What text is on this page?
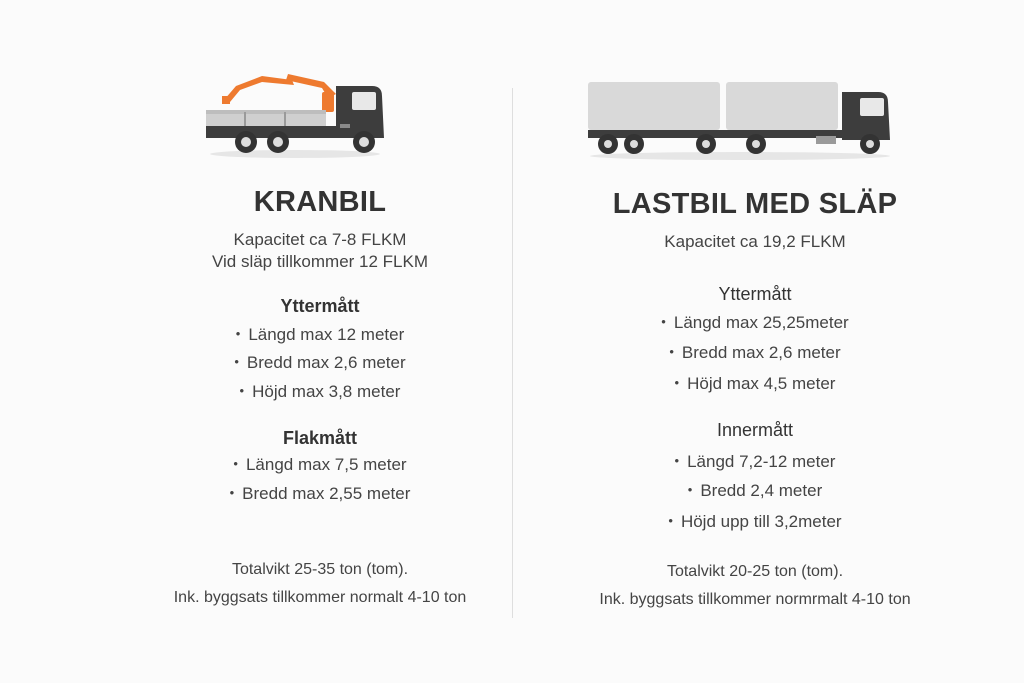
KRANBIL
Kapacitet ca 7-8 FLKM
Vid släp tillkommer 12 FLKM
Yttermått
• Längd max 12 meter
• Bredd max 2,6 meter
• Höjd max 3,8 meter
Flakmått
• Längd max 7,5 meter
• Bredd max 2,55 meter
Totalvikt 25-35 ton (tom).
Ink. byggsats tillkommer normalt 4-10 ton
LASTBIL MED SLÄP
Kapacitet ca 19,2 FLKM
Yttermått
• Längd max 25,25meter
• Bredd max 2,6 meter
• Höjd max 4,5 meter
Innermått
• Längd 7,2-12 meter
• Bredd 2,4 meter
• Höjd upp till 3,2meter
Totalvikt 20-25 ton (tom).
Ink. byggsats tillkommer normrmalt 4-10 ton
